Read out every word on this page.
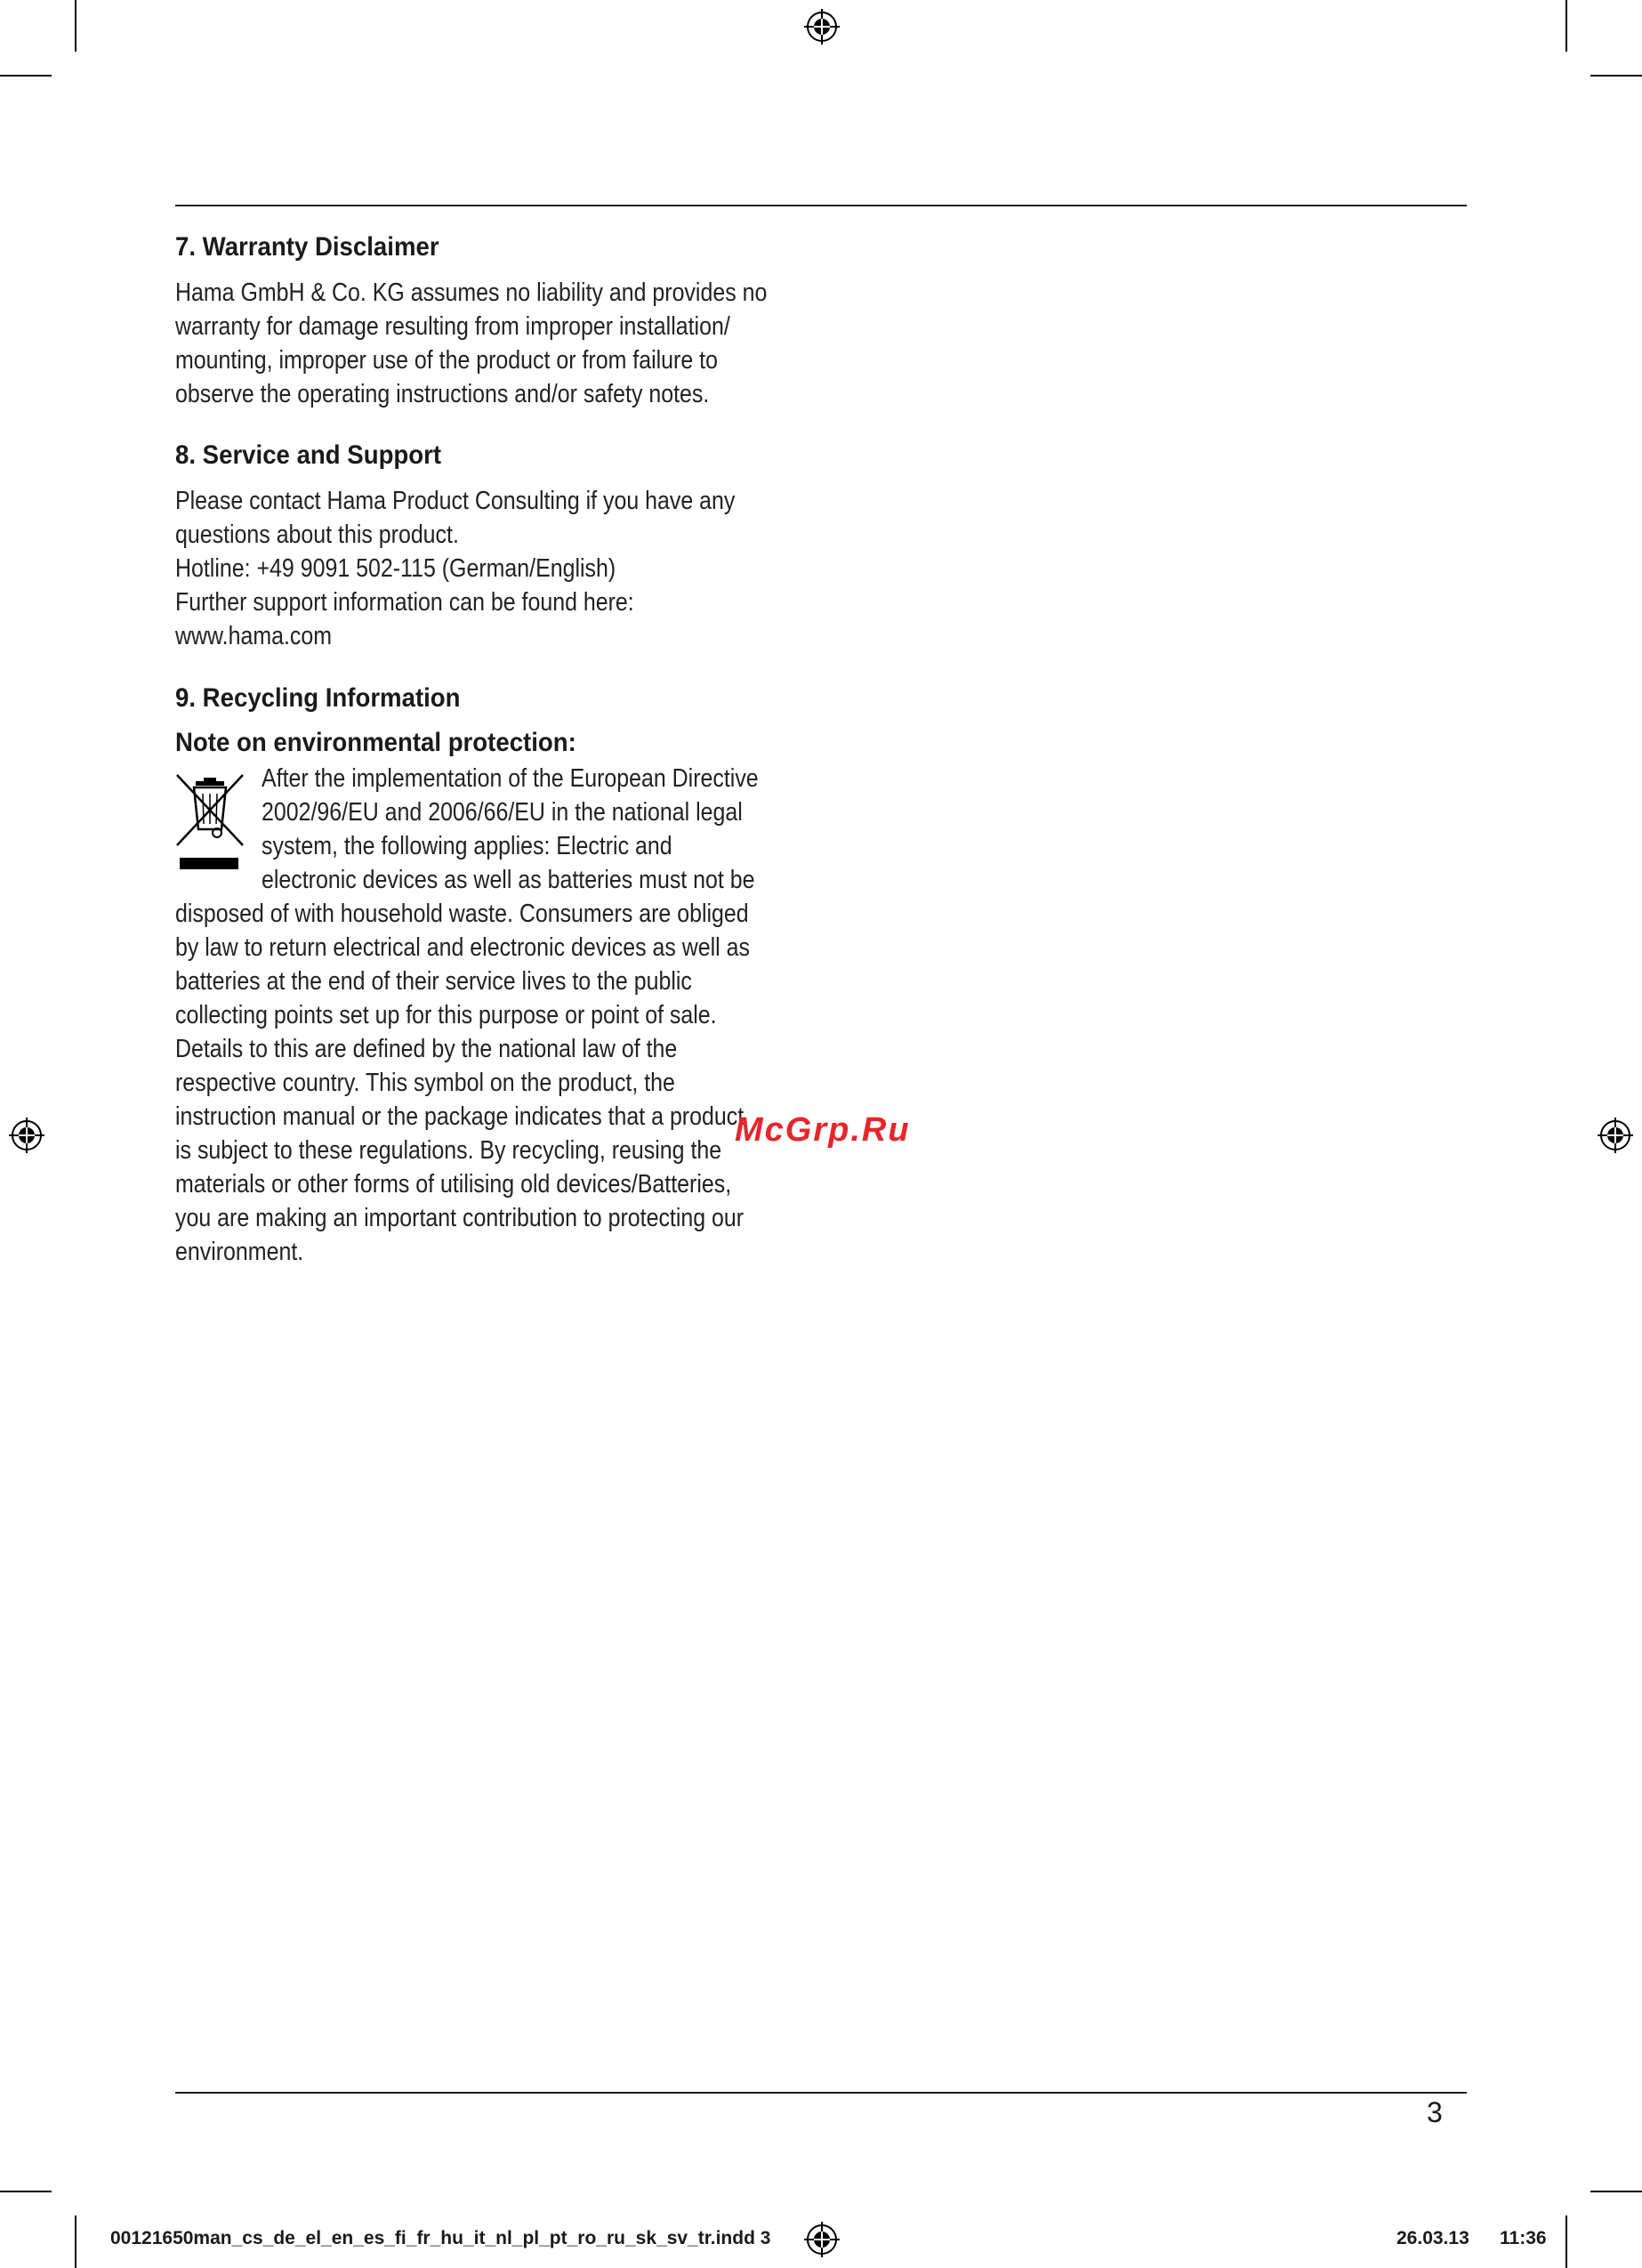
7. Warranty Disclaimer

Hama GmbH & Co. KG assumes no liability and provides no

warranty for damage resulting from improper installation/

mounting, improper use of the product or from failure to

observe the operating instructions and/or safety notes.

8. Service and Support

Please contact Hama Product Consulting if you have any

questions about this product.

Hotline: +49 9091 502-115 (German/English)

Further support information can be found here:

www.hama.com

9. Recycling Information
Note on environmental protection:

After the implementation of the European Directive

2002/96/EU and 2006/66/EU in the national legal

system, the following applies: Electric and

electronic devices as well as batteries must not be

disposed of with household waste. Consumers are obliged

by law to return electrical and electronic devices as well as

batteries at the end of their service lives to the public

collecting points set up for this purpose or point of sale.

Details to this are defined by the national law of the

respective country. This symbol on the product, the

instruction manual or the package indicates that a product

is subject to these regulations. By recycling, reusing the

materials or other forms of utilising old devices/Batteries,

you are making an important contribution to protecting our

environment.

McGrp.Ru
3
00121650man_cs_de_el_en_es_fi_fr_hu_it_nl_pl_pt_ro_ru_sk_sv_tr.indd 3	26.03.13 11:36
